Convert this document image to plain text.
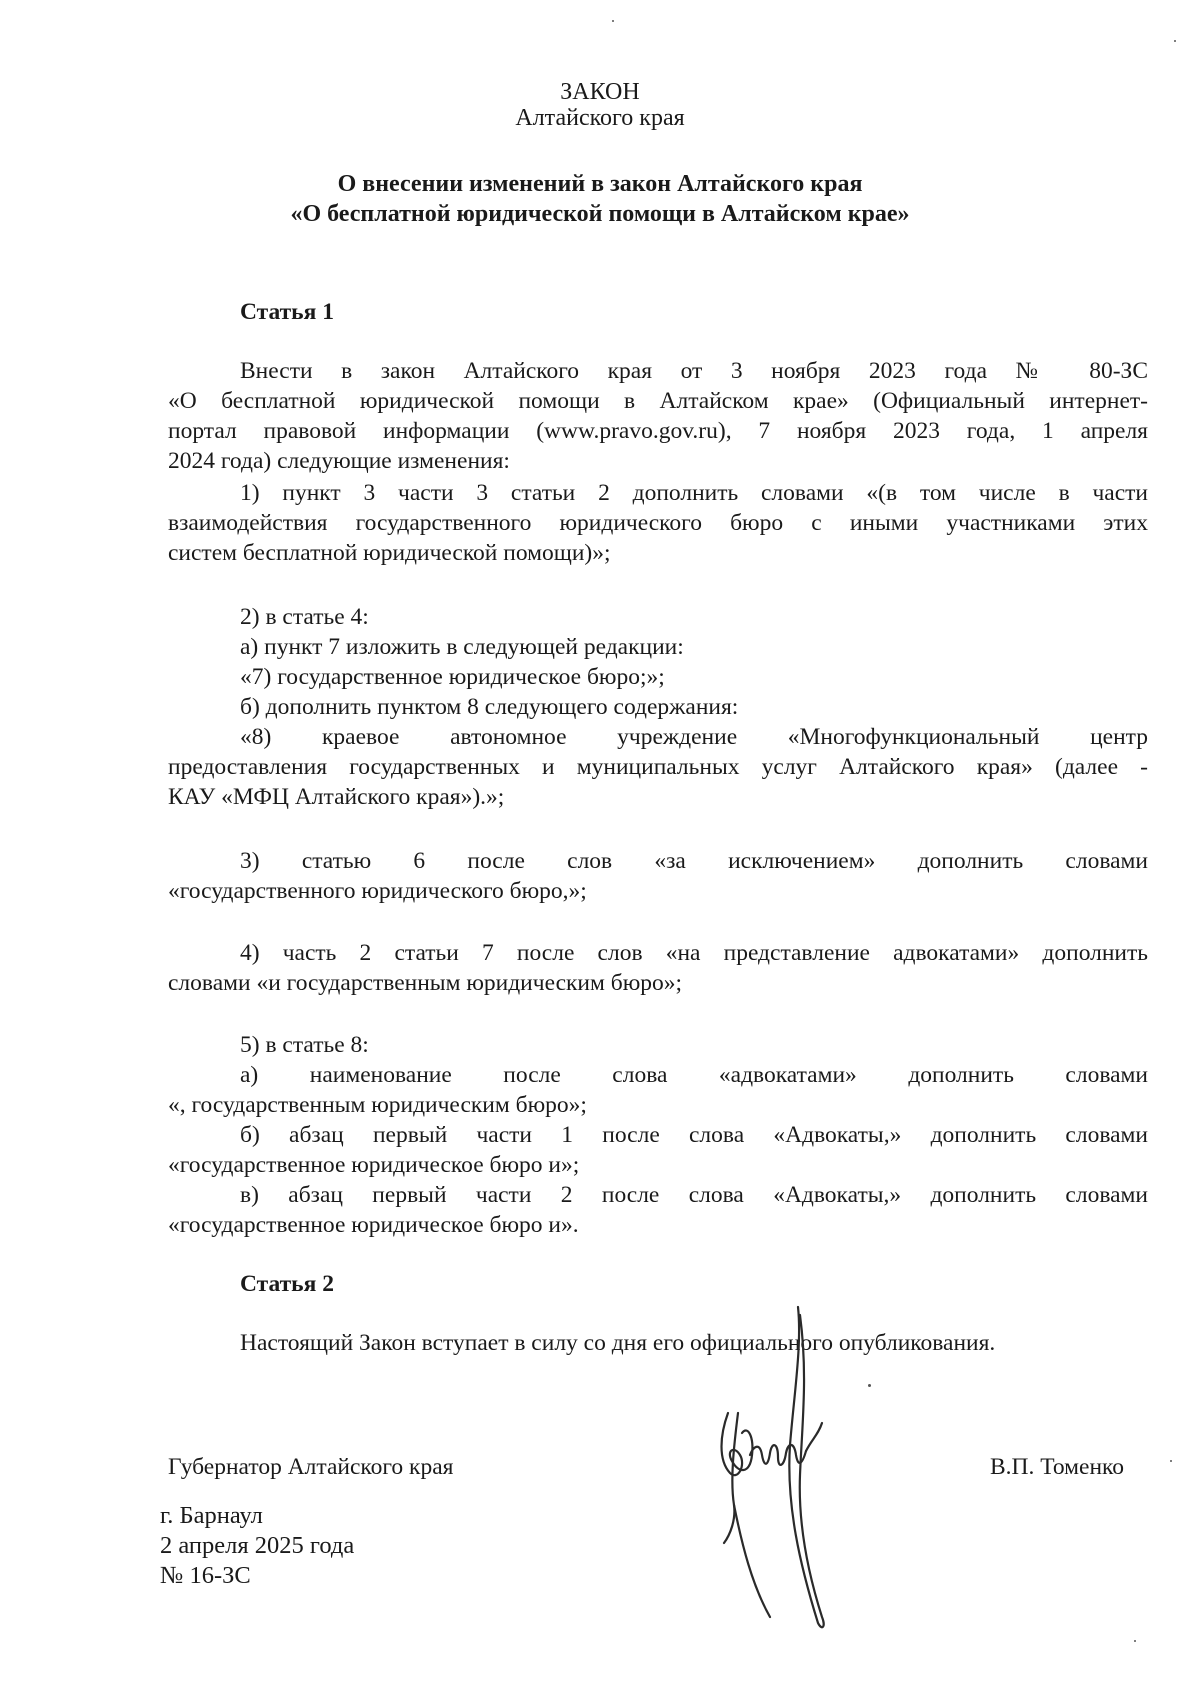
ЗАКОН

Алтайского края

О внесении изменений в закон Алтайского края

«О бесплатной юридической помощи в Алтайском крае»

Статья 1

Внести в закон Алтайского края от 3 ноября 2023 года № 80-ЗС

«О бесплатной юридической помощи в Алтайском крае» (Официальный интернет-

портал правовой информации (www.pravo.gov.ru), 7 ноября 2023 года, 1 апреля

2024 года) следующие изменения:

1) пункт 3 части 3 статьи 2 дополнить словами «(в том числе в части

взаимодействия государственного юридического бюро с иными участниками этих

систем бесплатной юридической помощи)»;

2) в статье 4:

а) пункт 7 изложить в следующей редакции:

«7) государственное юридическое бюро;»;

б) дополнить пунктом 8 следующего содержания:

«8) краевое автономное учреждение «Многофункциональный центр

предоставления государственных и муниципальных услуг Алтайского края» (далее -

КАУ «МФЦ Алтайского края»).»;

3) статью 6 после слов «за исключением» дополнить словами

«государственного юридического бюро,»;

4) часть 2 статьи 7 после слов «на представление адвокатами» дополнить

словами «и государственным юридическим бюро»;

5) в статье 8:

а) наименование после слова «адвокатами» дополнить словами

«, государственным юридическим бюро»;

б) абзац первый части 1 после слова «Адвокаты,» дополнить словами

«государственное юридическое бюро и»;

в) абзац первый части 2 после слова «Адвокаты,» дополнить словами

«государственное юридическое бюро и».

Статья 2

Настоящий Закон вступает в силу со дня его официального опубликования.

Губернатор Алтайского края	В.П. Томенко

г. Барнаул

2 апреля 2025 года

№ 16-ЗС
